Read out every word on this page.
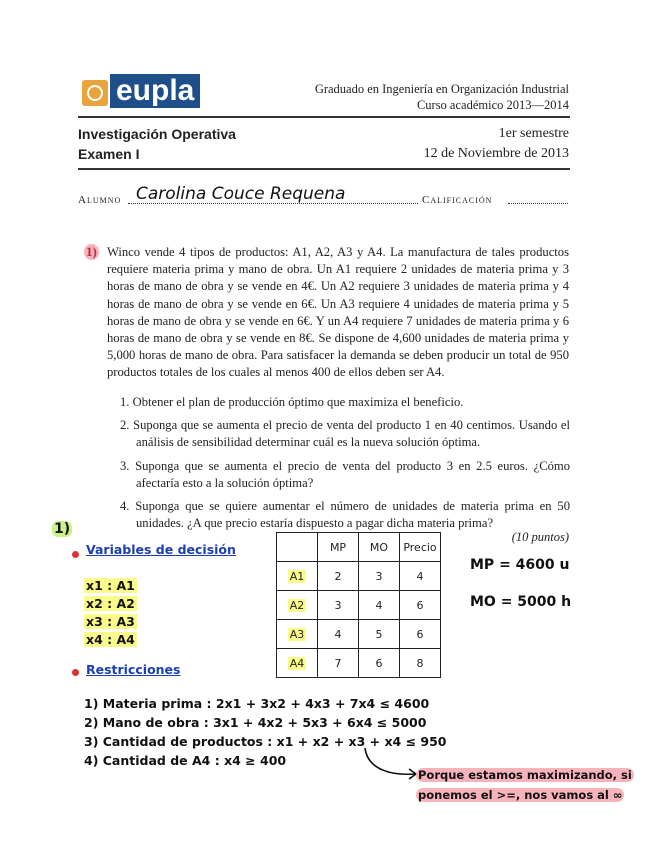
eupla	Graduado en Ingeniería en Organización Industrial
Curso académico 2013—2014
Investigación Operativa
Examen I
1er semestre
12 de Noviembre de 2013
Alumno Carolina Couce Requena	Calificación
1) Winco vende 4 tipos de productos: A1, A2, A3 y A4. La manufactura de tales productos requiere materia prima y mano de obra. Un A1 requiere 2 unidades de materia prima y 3 horas de mano de obra y se vende en 4€. Un A2 requiere 3 unidades de materia prima y 4 horas de mano de obra y se vende en 6€. Un A3 requiere 4 unidades de materia prima y 5 horas de mano de obra y se vende en 6€. Y un A4 requiere 7 unidades de materia prima y 6 horas de mano de obra y se vende en 8€. Se dispone de 4,600 unidades de materia prima y 5,000 horas de mano de obra. Para satisfacer la demanda se deben producir un total de 950 productos totales de los cuales al menos 400 de ellos deben ser A4.
1. Obtener el plan de producción óptimo que maximiza el beneficio.
2. Suponga que se aumenta el precio de venta del producto 1 en 40 centimos. Usando el análisis de sensibilidad determinar cuál es la nueva solución óptima.
3. Suponga que se aumenta el precio de venta del producto 3 en 2.5 euros. ¿Cómo afectaría esto a la solución óptima?
4. Suponga que se quiere aumentar el número de unidades de materia prima en 50 unidades. ¿A que precio estaría dispuesto a pagar dicha materia prima?
(10 puntos)
1)
Variables de decisión
x1 : A1
x2 : A2
x3 : A3
x4 : A4
	MP	MO	Precio
A1	2	3	4
A2	3	4	6
A3	4	5	6
A4	7	6	8
MP = 4600 u
MO = 5000 h
Restricciones
1) Materia prima : 2x1 + 3x2 + 4x3 + 7x4 ≤ 4600
2) Mano de obra : 3x1 + 4x2 + 5x3 + 6x4 ≤ 5000
3) Cantidad de productos : x1 + x2 + x3 + x4 ≤ 950
4) Cantidad de A4 : x4 ≥ 400
Porque estamos maximizando, si
ponemos el >=, nos vamos al ∞
